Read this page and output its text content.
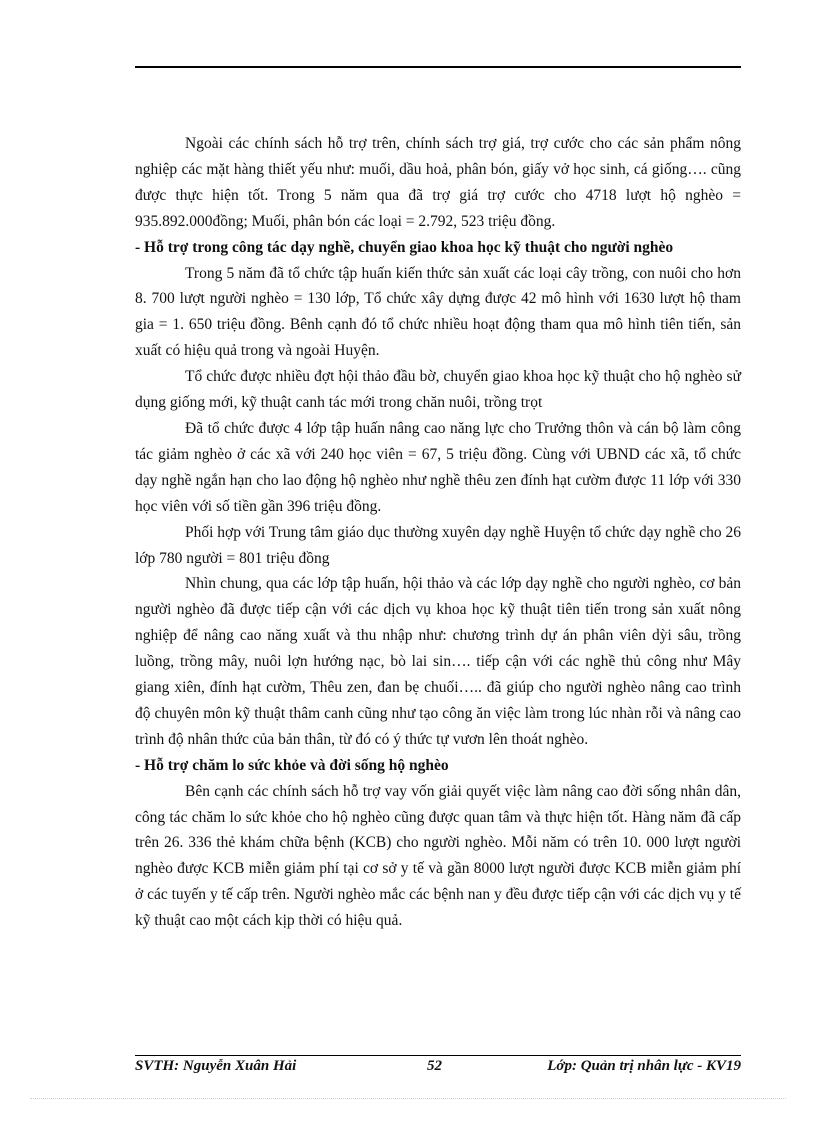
Ngoài các chính sách hỗ trợ trên, chính sách trợ giá, trợ cước cho các sản phẩm nông nghiệp các mặt hàng thiết yếu như: muối, dầu hoả, phân bón, giấy vở học sinh, cá giống…. cũng được thực hiện tốt. Trong 5 năm qua đã trợ giá trợ cước cho 4718 lượt hộ nghèo = 935.892.000đồng; Muối, phân bón các loại = 2.792, 523 triệu đồng.

- Hỗ trợ trong công tác dạy nghề, chuyển giao khoa học kỹ thuật cho người nghèo

Trong 5 năm đã tổ chức tập huấn kiến thức sản xuất các loại cây trồng, con nuôi cho hơn 8. 700 lượt người nghèo = 130 lớp, Tổ chức xây dựng được 42 mô hình với 1630 lượt hộ tham gia = 1. 650 triệu đồng. Bênh cạnh đó tổ chức nhiều hoạt động tham qua mô hình tiên tiến, sản xuất có hiệu quả trong và ngoài Huyện.

Tổ chức được nhiều đợt hội thảo đầu bờ, chuyển giao khoa học kỹ thuật cho hộ nghèo sử dụng giống mới, kỹ thuật canh tác mới trong chăn nuôi, trồng trọt

Đã tổ chức được 4 lớp tập huấn nâng cao năng lực cho Trưởng thôn và cán bộ làm công tác giảm nghèo ở các xã với 240 học viên = 67, 5 triệu đồng. Cùng với UBND các xã, tổ chức dạy nghề ngắn hạn cho lao động hộ nghèo như nghề thêu zen đính hạt cườm được 11 lớp với 330 học viên với số tiền gần 396 triệu đồng.

Phối hợp với Trung tâm giáo dục thường xuyên dạy nghề Huyện tổ chức dạy nghề cho 26 lớp 780 người = 801 triệu đồng

Nhìn chung, qua các lớp tập huấn, hội thảo và các lớp dạy nghề cho người nghèo, cơ bản người nghèo đã được tiếp cận với các dịch vụ khoa học kỹ thuật tiên tiến trong sản xuất nông nghiệp để nâng cao năng xuất và thu nhập như: chương trình dự án phân viên dỳi sâu, trồng luồng, trồng mây, nuôi lợn hướng nạc, bò lai sin…. tiếp cận với các nghề thủ công như Mây giang xiên, đính hạt cườm, Thêu zen, đan bẹ chuối….. đã giúp cho người nghèo nâng cao trình độ chuyên môn kỹ thuật thâm canh cũng như tạo công ăn việc làm trong lúc nhàn rỗi và nâng cao trình độ nhân thức của bản thân, từ đó có ý thức tự vươn lên thoát nghèo.

- Hỗ trợ chăm lo sức khỏe và đời sống hộ nghèo

Bên cạnh các chính sách hỗ trợ vay vốn giải quyết việc làm nâng cao đời sống nhân dân, công tác chăm lo sức khỏe cho hộ nghèo cũng được quan tâm và thực hiện tốt. Hàng năm đã cấp trên 26. 336 thẻ khám chữa bệnh (KCB) cho người nghèo. Mỗi năm có trên 10. 000 lượt người nghèo được KCB miễn giảm phí tại cơ sở y tế và gần 8000 lượt người được KCB miễn giảm phí ở các tuyến y tế cấp trên. Người nghèo mắc các bệnh nan y đều được tiếp cận với các dịch vụ y tế kỹ thuật cao một cách kịp thời có hiệu quả.

SVTH: Nguyễn Xuân Hải	52	Lớp: Quản trị nhân lực - KV19
